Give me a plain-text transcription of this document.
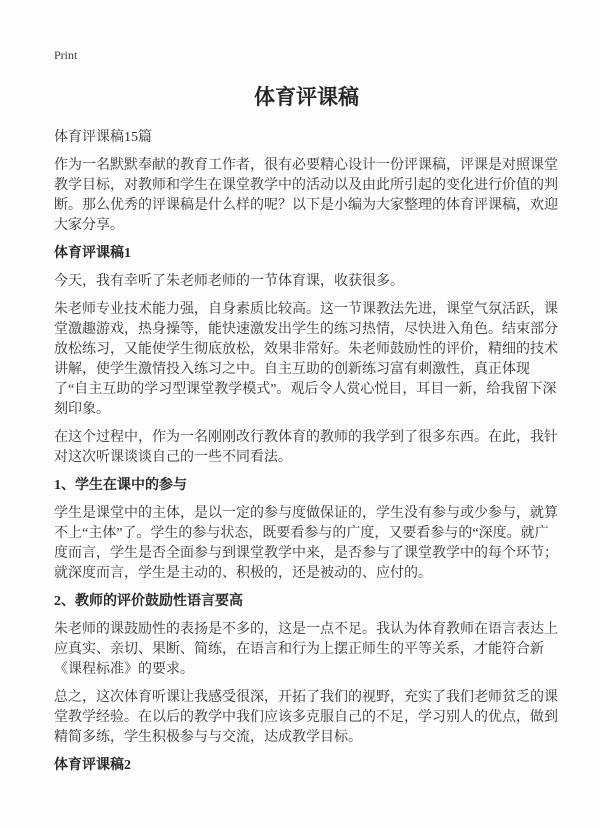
Print
体育评课稿

体育评课稿15篇

作为一名默默奉献的教育工作者，很有必要精心设计一份评课稿，评课是对照课堂教学目标，对教师和学生在课堂教学中的活动以及由此所引起的变化进行价值的判断。那么优秀的评课稿是什么样的呢？以下是小编为大家整理的体育评课稿，欢迎大家分享。

体育评课稿1

今天，我有幸听了朱老师老师的一节体育课，收获很多。

朱老师专业技术能力强，自身素质比较高。这一节课教法先进，课堂气氛活跃，课堂激趣游戏，热身操等，能快速激发出学生的练习热情，尽快进入角色。结束部分放松练习，又能使学生彻底放松，效果非常好。朱老师鼓励性的评价，精细的技术讲解，使学生激情投入练习之中。自主互助的创新练习富有刺激性，真正体现了“自主互助的学习型课堂教学模式”。观后令人赏心悦目，耳目一新，给我留下深刻印象。

在这个过程中，作为一名刚刚改行教体育的教师的我学到了很多东西。在此，我针对这次听课谈谈自己的一些不同看法。

1、学生在课中的参与

学生是课堂中的主体，是以一定的参与度做保证的，学生没有参与或少参与，就算不上“主体”了。学生的参与状态，既要看参与的广度，又要看参与的“深度。就广度而言，学生是否全面参与到课堂教学中来，是否参与了课堂教学中的每个环节；就深度而言，学生是主动的、积极的，还是被动的、应付的。

2、教师的评价鼓励性语言要高

朱老师的课鼓励性的表扬是不多的，这是一点不足。我认为体育教师在语言表达上应真实、亲切、果断、简练，在语言和行为上摆正师生的平等关系，才能符合新《课程标准》的要求。

总之，这次体育听课让我感受很深，开拓了我们的视野，充实了我们老师贫乏的课堂教学经验。在以后的教学中我们应该多克服自己的不足，学习别人的优点，做到精简多练，学生积极参与与交流，达成教学目标。

体育评课稿2
